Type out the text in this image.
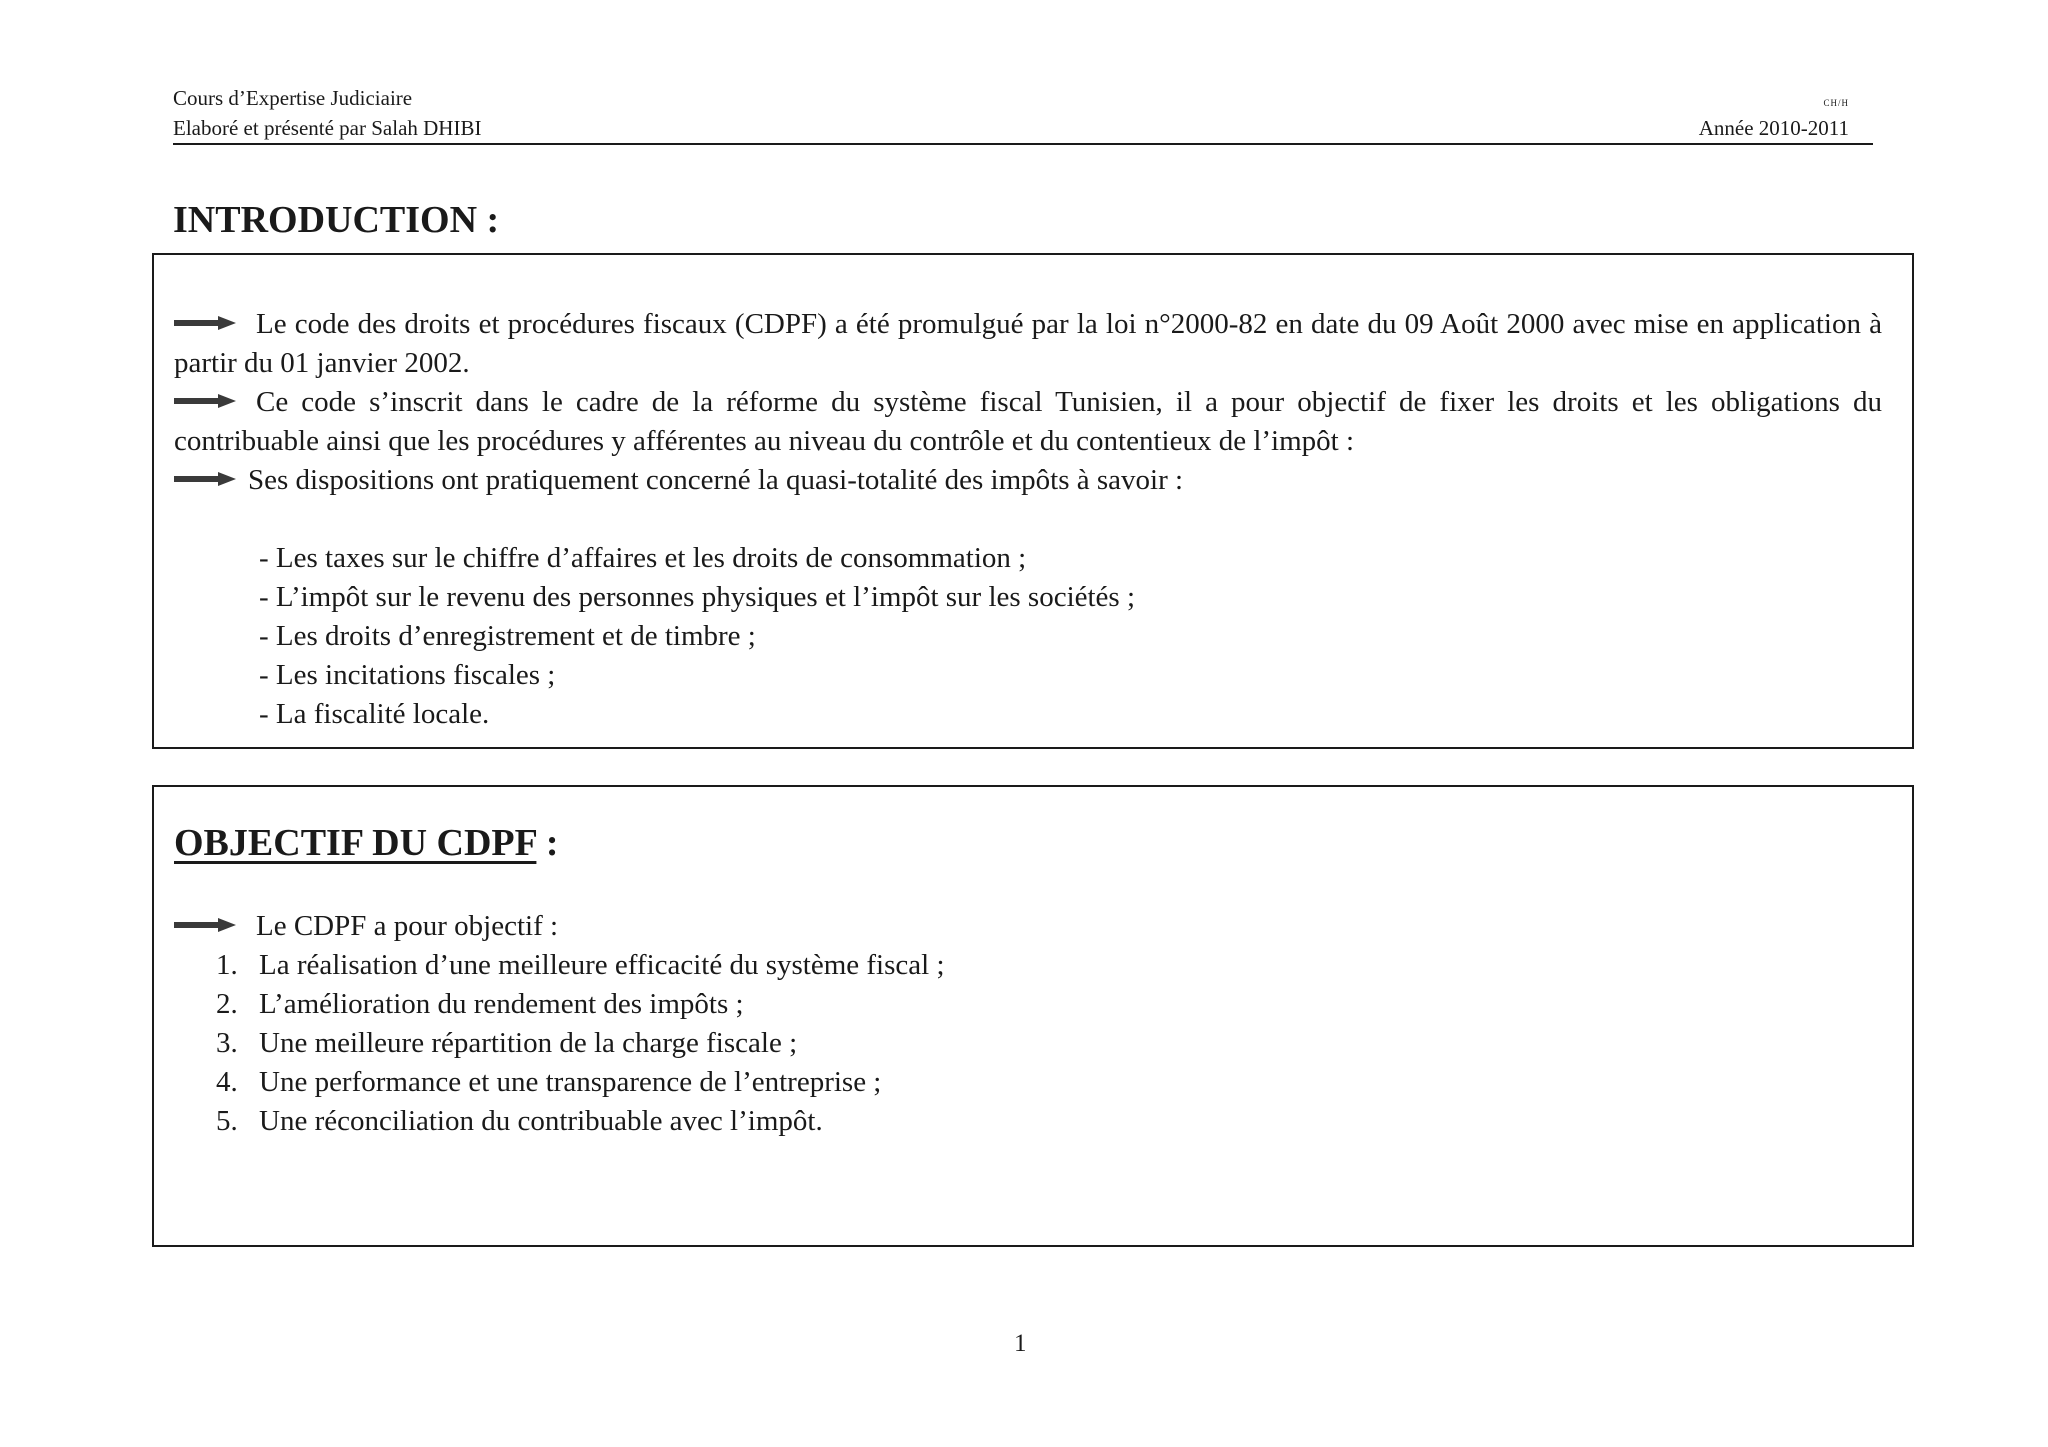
Cours d’Expertise Judiciaire
Elaboré et présenté par Salah DHIBI
CH/H
Année 2010-2011
INTRODUCTION :

Le code des droits et procédures fiscaux (CDPF) a été promulgué par la loi n°2000-82 en date du 09 Août 2000 avec mise en application à partir du 01 janvier 2002.

Ce code s’inscrit dans le cadre de la réforme du système fiscal Tunisien, il a pour objectif de fixer les droits et les obligations du contribuable ainsi que les procédures y afférentes au niveau du contrôle et du contentieux de l’impôt :

Ses dispositions ont pratiquement concerné la quasi-totalité des impôts à savoir :

- Les taxes sur le chiffre d’affaires et les droits de consommation ;
- L’impôt sur le revenu des personnes physiques et l’impôt sur les sociétés ;
- Les droits d’enregistrement et de timbre ;
- Les incitations fiscales ;
- La fiscalité locale.
OBJECTIF DU CDPF :

Le CDPF a pour objectif :

1. La réalisation d’une meilleure efficacité du système fiscal ;
2. L’amélioration du rendement des impôts ;
3. Une meilleure répartition de la charge fiscale ;
4. Une performance et une transparence de l’entreprise ;
5. Une réconciliation du contribuable avec l’impôt.
1
